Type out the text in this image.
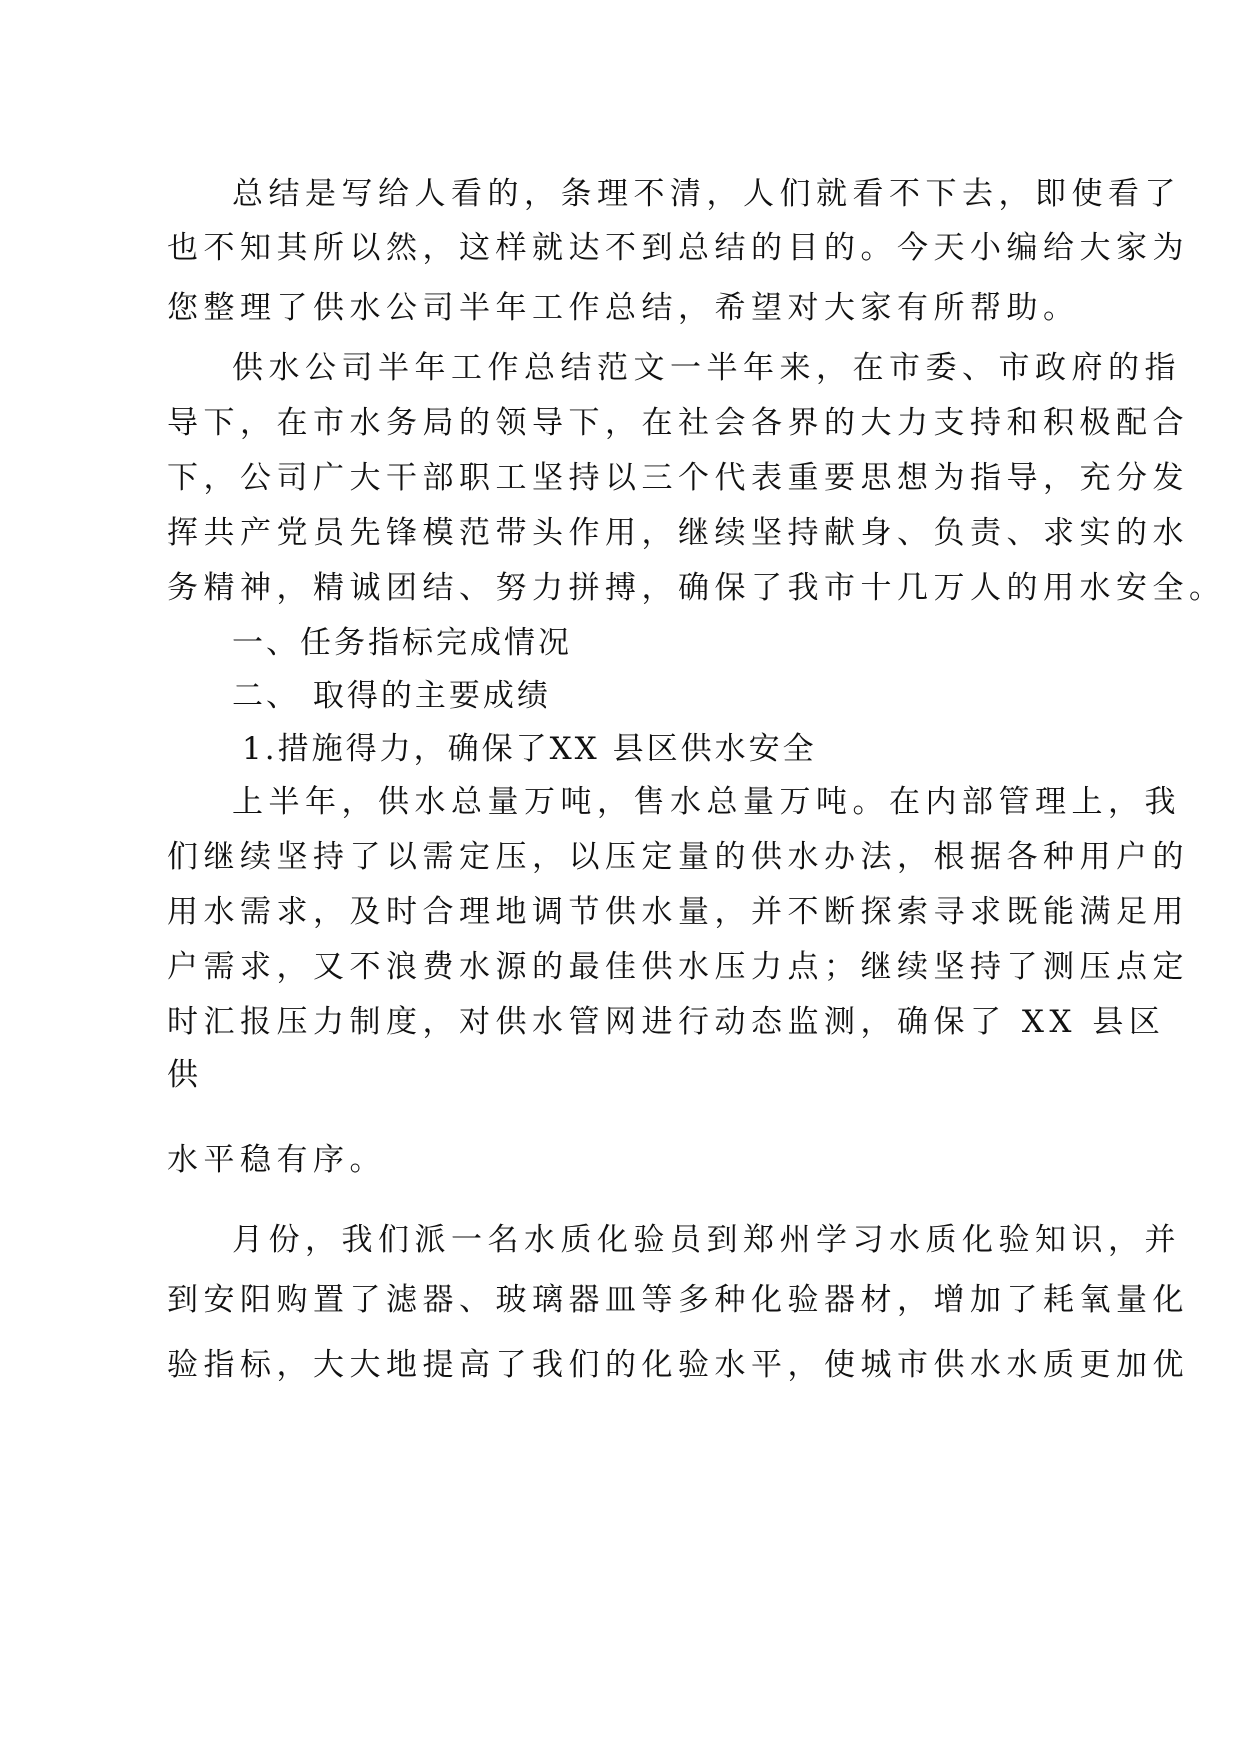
总结是写给人看的，条理不清，人们就看不下去，即使看了
也不知其所以然，这样就达不到总结的目的。今天小编给大家为
您整理了供水公司半年工作总结，希望对大家有所帮助。
供水公司半年工作总结范文一半年来，在市委、市政府的指
导下，在市水务局的领导下，在社会各界的大力支持和积极配合
下，公司广大干部职工坚持以三个代表重要思想为指导，充分发
挥共产党员先锋模范带头作用，继续坚持献身、负责、求实的水
务精神，精诚团结、努力拼搏，确保了我市十几万人的用水安全。
一、任务指标完成情况
二、 取得的主要成绩
1.措施得力，确保了XX 县区供水安全
上半年，供水总量万吨，售水总量万吨。在内部管理上，我
们继续坚持了以需定压，以压定量的供水办法，根据各种用户的
用水需求，及时合理地调节供水量，并不断探索寻求既能满足用
户需求，又不浪费水源的最佳供水压力点；继续坚持了测压点定
时汇报压力制度，对供水管网进行动态监测，确保了 XX 县区
供
水平稳有序。
月份，我们派一名水质化验员到郑州学习水质化验知识，并
到安阳购置了滤器、玻璃器皿等多种化验器材，增加了耗氧量化
验指标，大大地提高了我们的化验水平，使城市供水水质更加优
